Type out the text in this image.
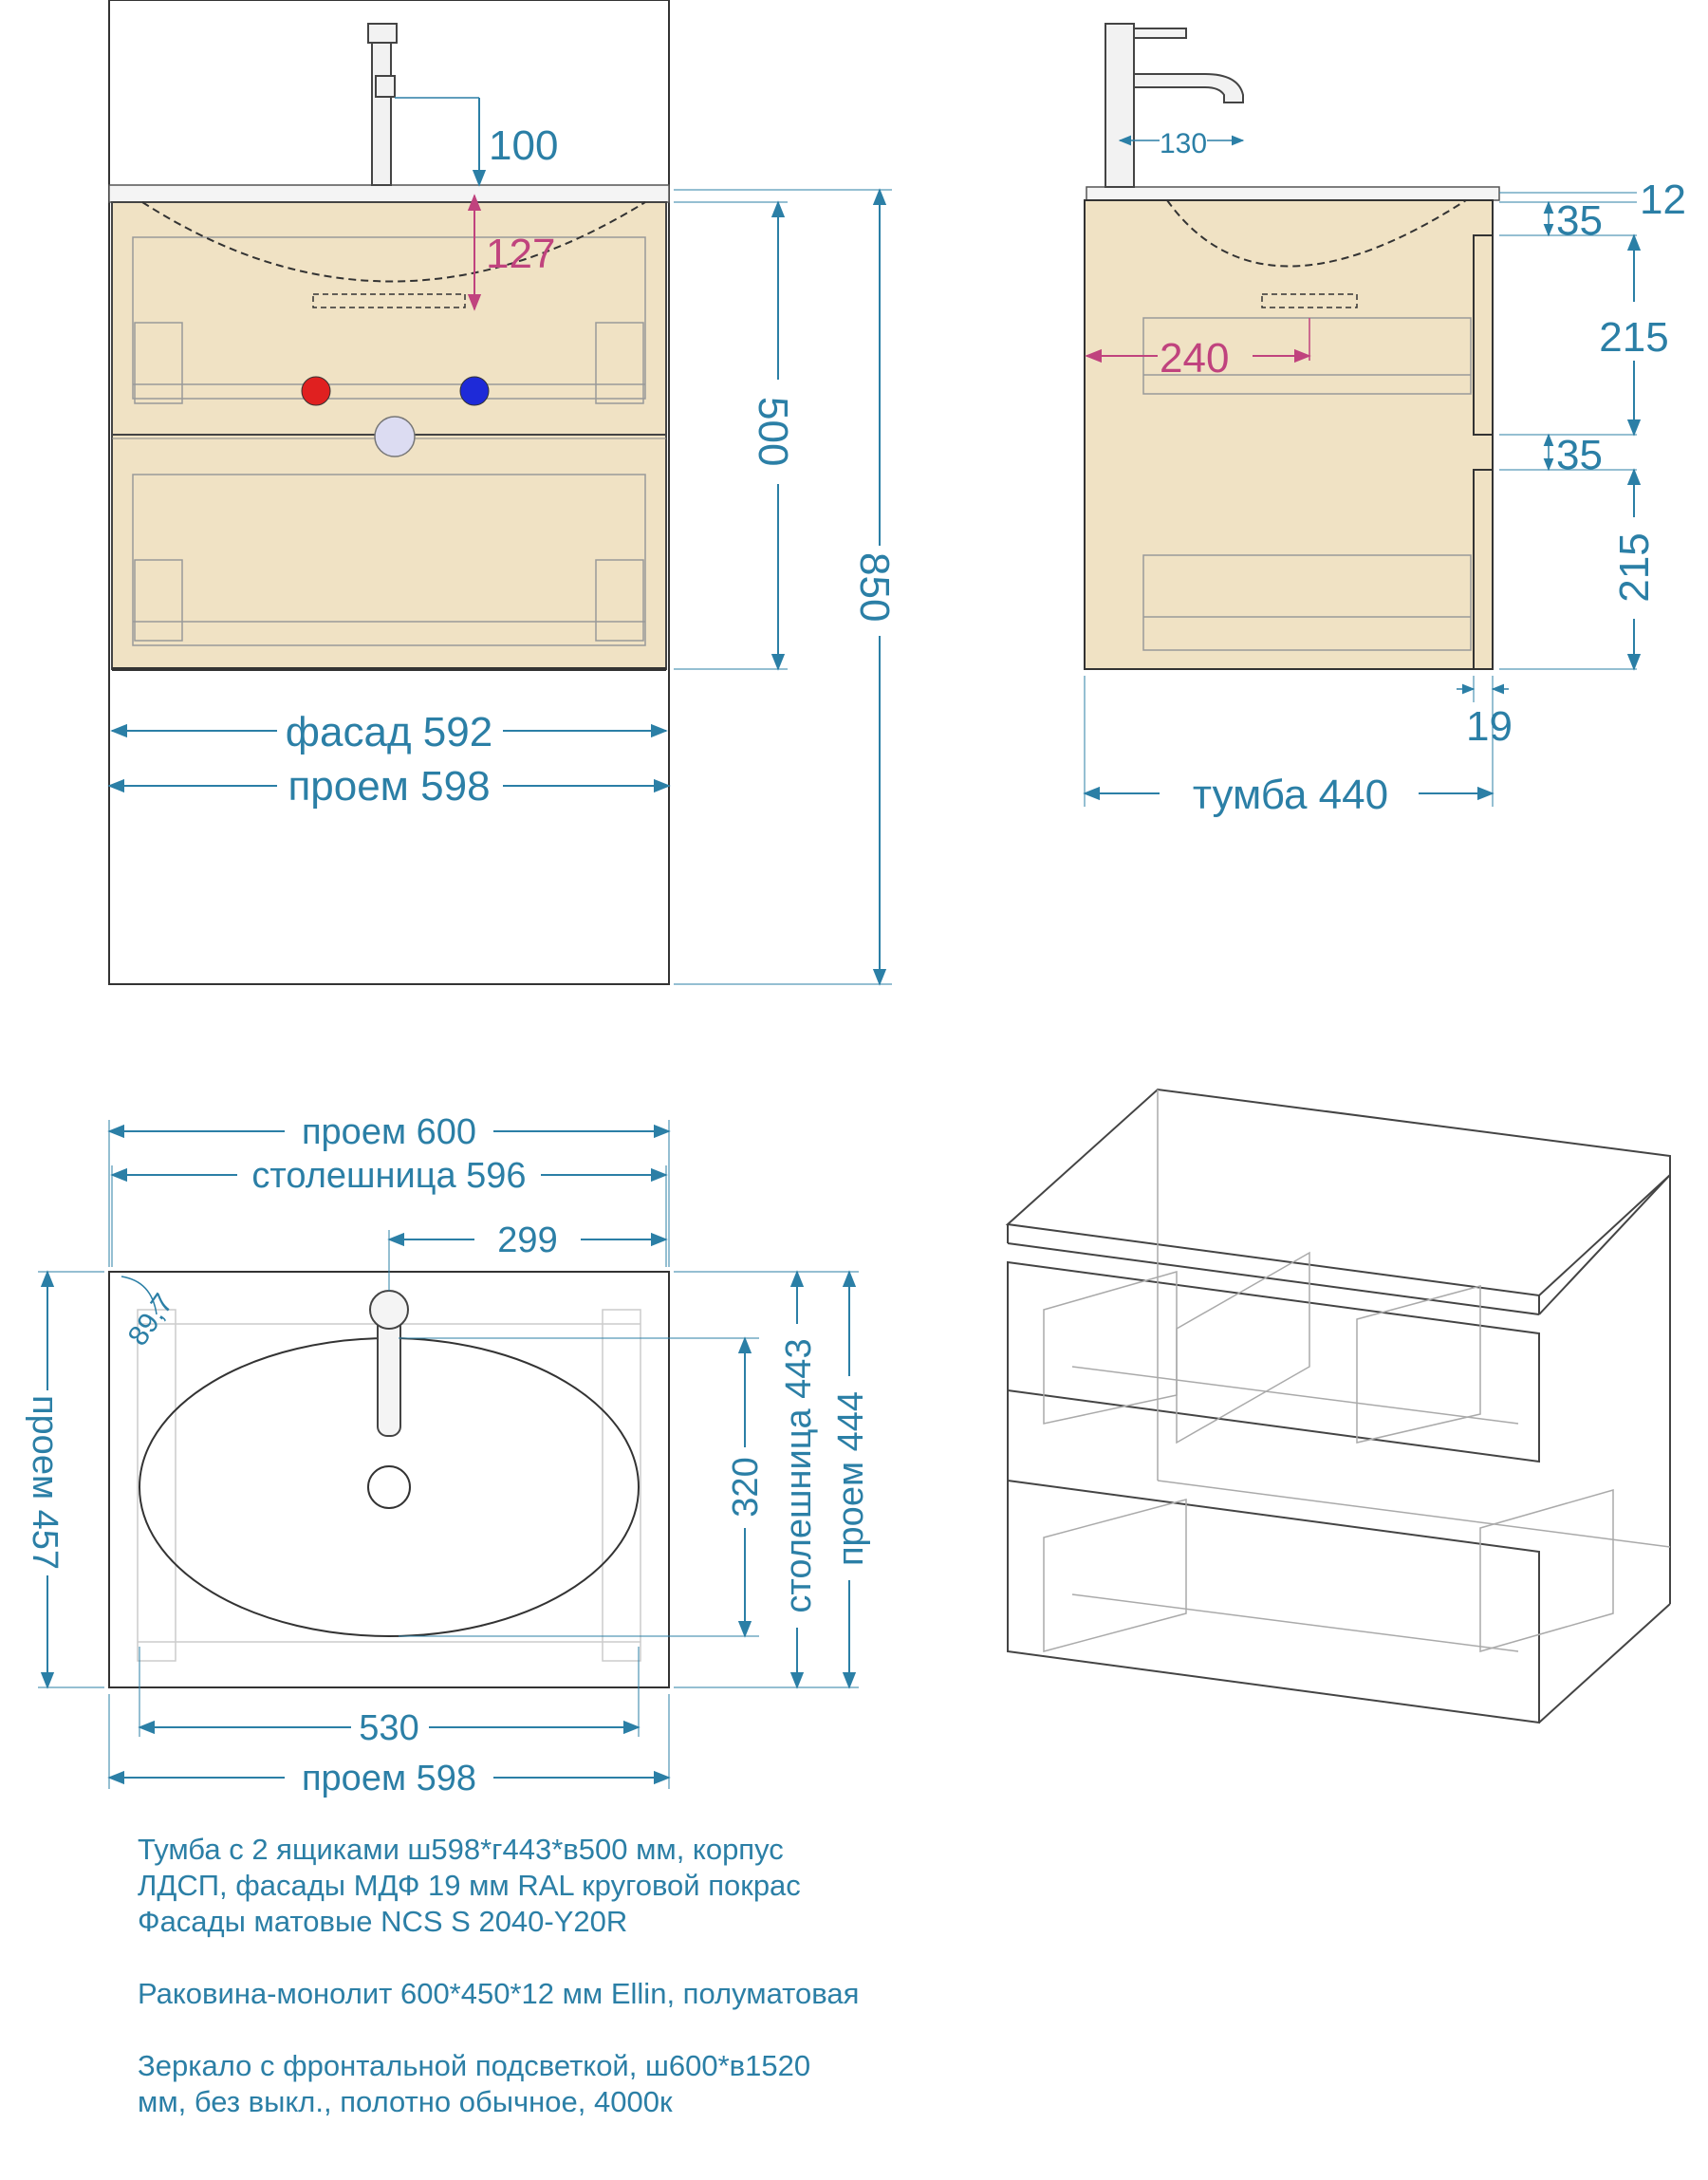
100
127
500
850
фасад 592
проем 598
130
12
35
215
35
215
240
19
тумба 440
89,7
проем 600
столешница 596
299
проем 457	320 столешница 443 проем 444
530
проем 598

Тумба с 2 ящиками ш598*г443*в500 мм, корпус
ЛДСП, фасады МДФ 19 мм RAL круговой покрас
Фасады матовые NCS S 2040-Y20R

Раковина-монолит 600*450*12 мм Ellin, полуматовая

Зеркало с фронтальной подсветкой, ш600*в1520
мм, без выкл., полотно обычное, 4000к
